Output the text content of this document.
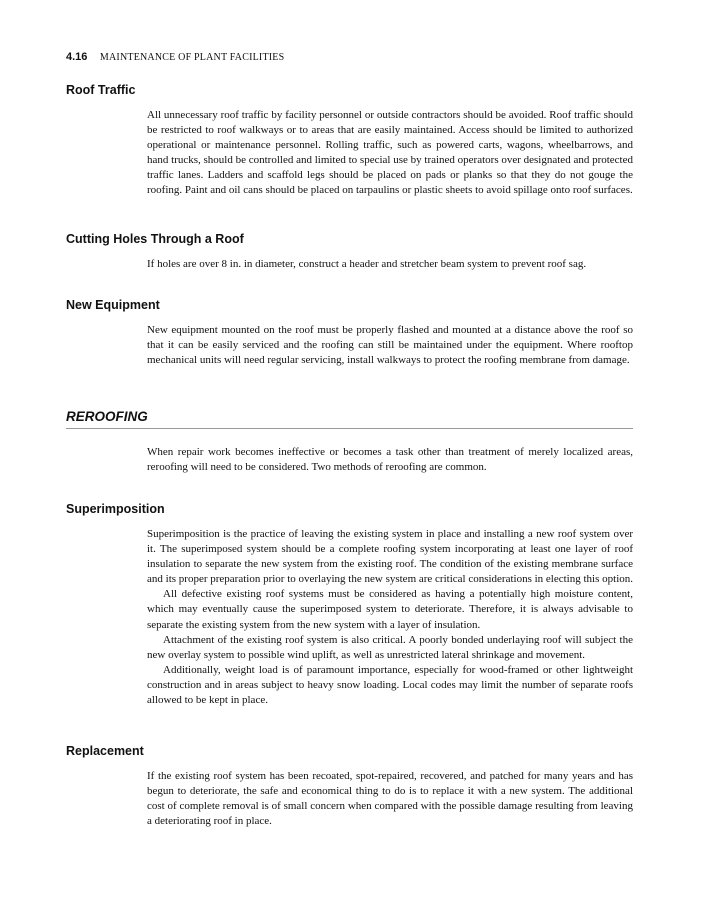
4.16 MAINTENANCE OF PLANT FACILITIES
Roof Traffic

All unnecessary roof traffic by facility personnel or outside contractors should be avoided. Roof traffic should be restricted to roof walkways or to areas that are easily maintained. Access should be limited to authorized operational or maintenance personnel. Rolling traffic, such as powered carts, wagons, wheelbarrows, and hand trucks, should be controlled and limited to special use by trained operators over designated and protected traffic lanes. Ladders and scaffold legs should be placed on pads or planks so that they do not gouge the roofing. Paint and oil cans should be placed on tarpaulins or plastic sheets to avoid spillage onto roof surfaces.

Cutting Holes Through a Roof

If holes are over 8 in. in diameter, construct a header and stretcher beam system to prevent roof sag.

New Equipment

New equipment mounted on the roof must be properly flashed and mounted at a distance above the roof so that it can be easily serviced and the roofing can still be maintained under the equipment. Where rooftop mechanical units will need regular servicing, install walkways to protect the roofing membrane from damage.

REROOFING

When repair work becomes ineffective or becomes a task other than treatment of merely localized areas, reroofing will need to be considered. Two methods of reroofing are common.

Superimposition

Superimposition is the practice of leaving the existing system in place and installing a new roof system over it. The superimposed system should be a complete roofing system incorporating at least one layer of roof insulation to separate the new system from the existing roof. The condition of the existing membrane surface and its proper preparation prior to overlaying the new system are critical considerations in electing this option.

All defective existing roof systems must be considered as having a potentially high moisture content, which may eventually cause the superimposed system to deteriorate. Therefore, it is always advisable to separate the existing system from the new system with a layer of insulation.

Attachment of the existing roof system is also critical. A poorly bonded underlaying roof will subject the new overlay system to possible wind uplift, as well as unrestricted lateral shrinkage and movement.

Additionally, weight load is of paramount importance, especially for wood-framed or other lightweight construction and in areas subject to heavy snow loading. Local codes may limit the number of separate roofs allowed to be kept in place.

Replacement

If the existing roof system has been recoated, spot-repaired, recovered, and patched for many years and has begun to deteriorate, the safe and economical thing to do is to replace it with a new system. The additional cost of complete removal is of small concern when compared with the possible damage resulting from leaving a deteriorating roof in place.
